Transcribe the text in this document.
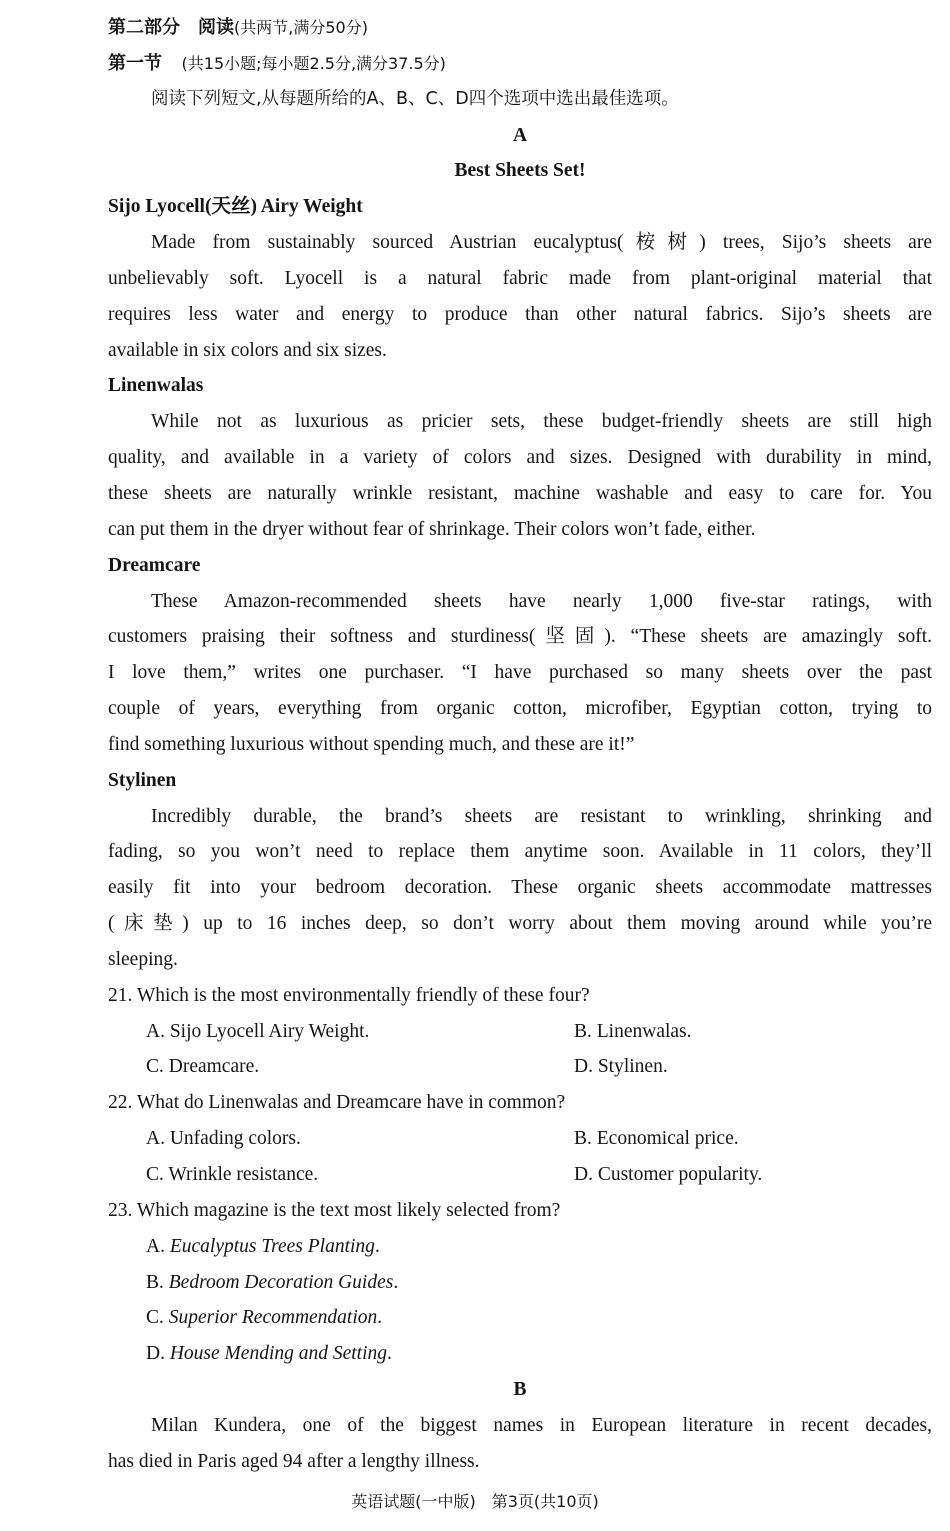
第二部分　阅读(共两节,满分50分)
第一节　 (共15小题;每小题2.5分,满分37.5分)
阅读下列短文,从每题所给的A、B、C、D四个选项中选出最佳选项。
A
Best Sheets Set!
Sijo Lyocell(天丝) Airy Weight
Made from sustainably sourced Austrian eucalyptus(桉树) trees, Sijo’s sheets are
unbelievably soft. Lyocell is a natural fabric made from plant-original material that
requires less water and energy to produce than other natural fabrics. Sijo’s sheets are
available in six colors and six sizes.
Linenwalas
While not as luxurious as pricier sets, these budget-friendly sheets are still high
quality, and available in a variety of colors and sizes. Designed with durability in mind,
these sheets are naturally wrinkle resistant, machine washable and easy to care for. You
can put them in the dryer without fear of shrinkage. Their colors won’t fade, either.
Dreamcare
These Amazon-recommended sheets have nearly 1,000 five-star ratings, with
customers praising their softness and sturdiness(坚固). “These sheets are amazingly soft.
I love them,” writes one purchaser. “I have purchased so many sheets over the past
couple of years, everything from organic cotton, microfiber, Egyptian cotton, trying to
find something luxurious without spending much, and these are it!”
Stylinen
Incredibly durable, the brand’s sheets are resistant to wrinkling, shrinking and
fading, so you won’t need to replace them anytime soon. Available in 11 colors, they’ll
easily fit into your bedroom decoration. These organic sheets accommodate mattresses
(床垫) up to 16 inches deep, so don’t worry about them moving around while you’re
sleeping.
21. Which is the most environmentally friendly of these four?
A. Sijo Lyocell Airy Weight.	B. Linenwalas.
C. Dreamcare.	D. Stylinen.
22. What do Linenwalas and Dreamcare have in common?
A. Unfading colors.	B. Economical price.
C. Wrinkle resistance.	D. Customer popularity.
23. Which magazine is the text most likely selected from?
A. Eucalyptus Trees Planting.
B. Bedroom Decoration Guides.
C. Superior Recommendation.
D. House Mending and Setting.
B
Milan Kundera, one of the biggest names in European literature in recent decades,
has died in Paris aged 94 after a lengthy illness.
英语试题(一中版)　第3页(共10页)
